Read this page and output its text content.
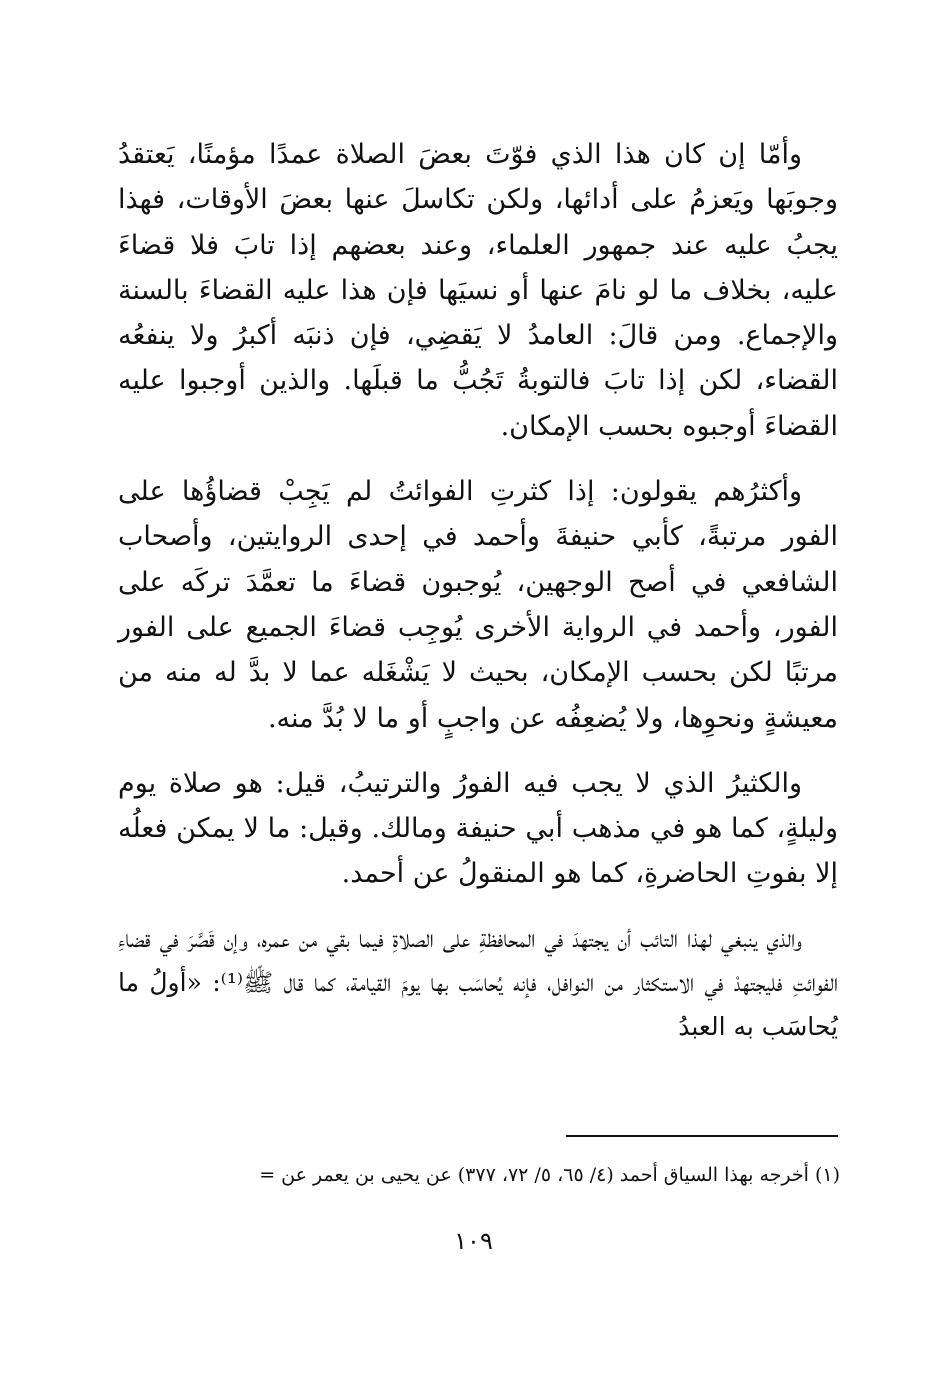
وأمّا إن كان هذا الذي فوّتَ بعضَ الصلاة عمدًا مؤمنًا، يَعتقدُ وجوبَها ويَعزمُ على أدائها، ولكن تكاسلَ عنها بعضَ الأوقات، فهذا يجبُ عليه عند جمهور العلماء، وعند بعضهم إذا تابَ فلا قضاءَ عليه، بخلاف ما لو نامَ عنها أو نسيَها فإن هذا عليه القضاءَ بالسنة والإجماع. ومن قالَ: العامدُ لا يَقضِي، فإن ذنبَه أكبرُ ولا ينفعُه القضاء، لكن إذا تابَ فالتوبةُ تَجُبُّ ما قبلَها. والذين أوجبوا عليه القضاءَ أوجبوه بحسب الإمكان.

وأكثرُهم يقولون: إذا كثرتِ الفوائتُ لم يَجِبْ قضاؤُها على الفور مرتبةً، كأبي حنيفةَ وأحمد في إحدى الروايتين، وأصحاب الشافعي في أصح الوجهين، يُوجبون قضاءَ ما تعمَّدَ تركَه على الفور، وأحمد في الرواية الأخرى يُوجِب قضاءَ الجميع على الفور مرتبًا لكن بحسب الإمكان، بحيث لا يَشْغَله عما لا بدَّ له منه من معيشةٍ ونحوِها، ولا يُضعِفُه عن واجبٍ أو ما لا بُدَّ منه.

والكثيرُ الذي لا يجب فيه الفورُ والترتيبُ، قيل: هو صلاة يوم وليلةٍ، كما هو في مذهب أبي حنيفة ومالك. وقيل: ما لا يمكن فعلُه إلا بفوتِ الحاضرةِ، كما هو المنقولُ عن أحمد.

والذي ينبغي لهذا التائب أن يجتهدَ في المحافظةِ على الصلاةِ فيما بقي من عمره، وإن قَصَّرَ في قضاءِ الفوائتِ فليجتهدْ في الاستكثار من النوافل، فإنه يُحاسَب بها يومَ القيامة، كما قال ﷺ⁽¹⁾: «أولُ ما يُحاسَب به العبدُ

(١) أخرجه بهذا السياق أحمد (٤/ ٦٥، ٥/ ٧٢، ٣٧٧) عن يحيى بن يعمر عن =
١٠٩
